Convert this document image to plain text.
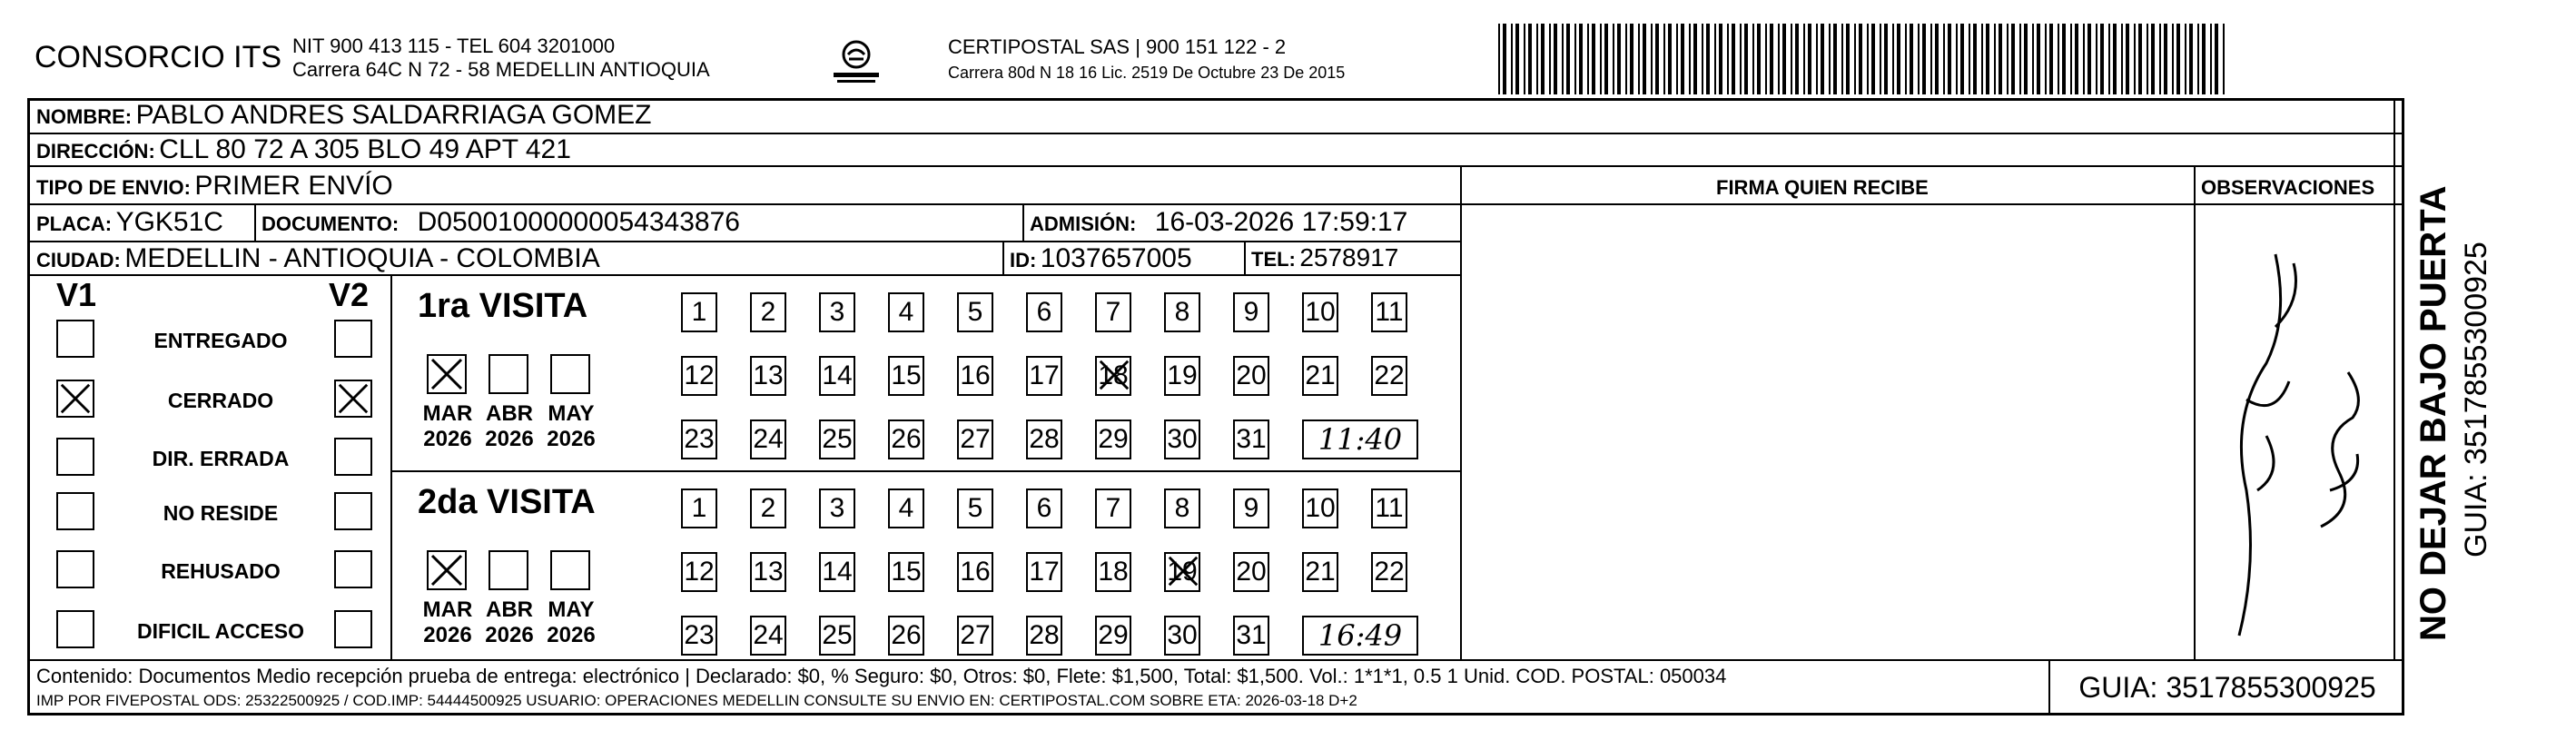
CONSORCIO ITS NIT 900 413 115 - TEL 604 3201000
Carrera 64C N 72 - 58 MEDELLIN ANTIOQUIA
CERTIPOSTAL SAS | 900 151 122 - 2
Carrera 80d N 18 16 Lic. 2519 De Octubre 23 De 2015
NOMBRE: PABLO ANDRES SALDARRIAGA GOMEZ
DIRECCIÓN: CLL 80 72 A 305 BLO 49 APT 421
TIPO DE ENVIO: PRIMER ENVÍO	FIRMA QUIEN RECIBE	OBSERVACIONES
PLACA: YGK51C DOCUMENTO: D05001000000054343876	ADMISIÓN: 16-03-2026 17:59:17
CIUDAD: MEDELLIN - ANTIOQUIA - COLOMBIA	ID: 1037657005	TEL: 2578917
V1	V2
ENTREGADO
CERRADO
DIR. ERRADA
NO RESIDE
REHUSADO
DIFICIL ACCESO
1ra VISITA
MAR
2026
ABR
2026
MAY
2026
1	2	3	4	5	6	7	8	9	10 11
12 13 14 15 16 17 18 19 20 21 22
23 24 25 26 27 28 29 30 31	11:40
2da VISITA
MAR
2026
ABR
2026
MAY
2026
1	2	3	4	5	6	7	8	9	10 11
12 13 14 15 16 17 18 19 20 21 22
23 24 25 26 27 28 29 30 31	16:49
Contenido: Documentos Medio recepción prueba de entrega: electrónico | Declarado: $0, % Seguro: $0, Otros: $0, Flete: $1,500, Total: $1,500. Vol.: 1*1*1, 0.5 1 Unid. COD. POSTAL: 050034
IMP POR FIVEPOSTAL ODS: 25322500925 / COD.IMP: 54444500925 USUARIO: OPERACIONES MEDELLIN CONSULTE SU ENVIO EN: CERTIPOSTAL.COM SOBRE ETA: 2026-03-18 D+2	GUIA: 3517855300925
NO DEJAR BAJO PUERTA GUIA: 3517855300925
